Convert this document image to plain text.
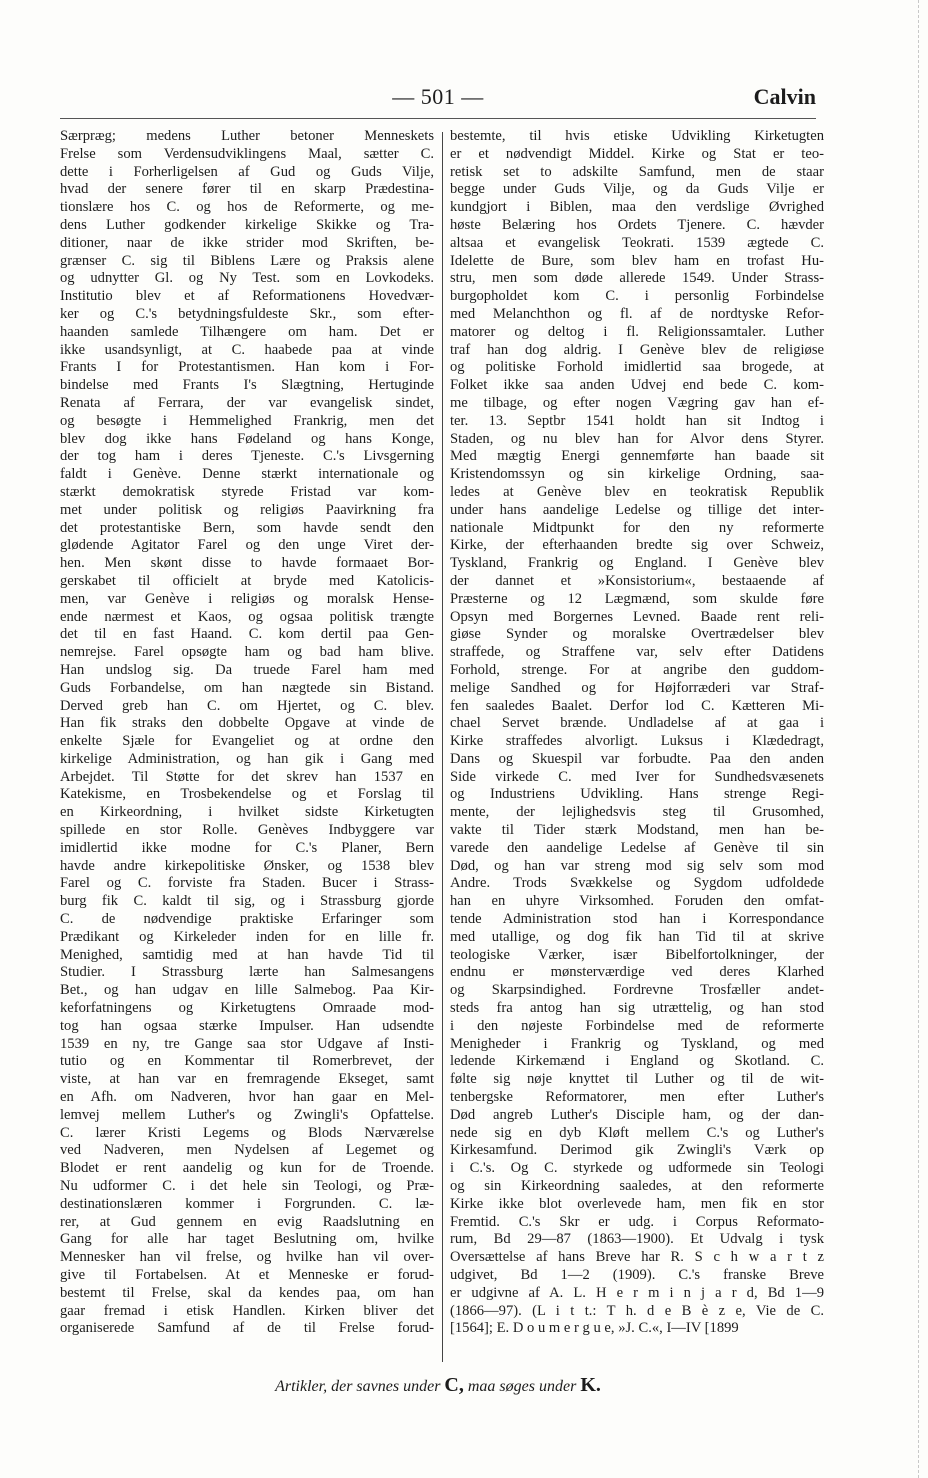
— 501 —	Calvin
Særpræg; medens Luther betoner Menneskets
Frelse som Verdensudviklingens Maal, sætter C.
dette i Forherligelsen af Gud og Guds Vilje,
hvad der senere fører til en skarp Prædestina-
tionslære hos C. og hos de Reformerte, og me-
dens Luther godkender kirkelige Skikke og Tra-
ditioner, naar de ikke strider mod Skriften, be-
grænser C. sig til Biblens Lære og Praksis alene
og udnytter Gl. og Ny Test. som en Lovkodeks.
Institutio blev et af Reformationens Hovedvær-
ker og C.'s betydningsfuldeste Skr., som efter-
haanden samlede Tilhængere om ham. Det er
ikke usandsynligt, at C. haabede paa at vinde
Frants I for Protestantismen. Han kom i For-
bindelse med Frants I's Slægtning, Hertuginde
Renata af Ferrara, der var evangelisk sindet,
og besøgte i Hemmelighed Frankrig, men det
blev dog ikke hans Fødeland og hans Konge,
der tog ham i deres Tjeneste. C.'s Livsgerning
faldt i Genève. Denne stærkt internationale og
stærkt demokratisk styrede Fristad var kom-
met under politisk og religiøs Paavirkning fra
det protestantiske Bern, som havde sendt den
glødende Agitator Farel og den unge Viret der-
hen. Men skønt disse to havde formaaet Bor-
gerskabet til officielt at bryde med Katolicis-
men, var Genève i religiøs og moralsk Hense-
ende nærmest et Kaos, og ogsaa politisk trængte
det til en fast Haand. C. kom dertil paa Gen-
nemrejse. Farel opsøgte ham og bad ham blive.
Han undslog sig. Da truede Farel ham med
Guds Forbandelse, om han nægtede sin Bistand.
Derved greb han C. om Hjertet, og C. blev.
Han fik straks den dobbelte Opgave at vinde de
enkelte Sjæle for Evangeliet og at ordne den
kirkelige Administration, og han gik i Gang med
Arbejdet. Til Støtte for det skrev han 1537 en
Katekisme, en Trosbekendelse og et Forslag til
en Kirkeordning, i hvilket sidste Kirketugten
spillede en stor Rolle. Genèves Indbyggere var
imidlertid ikke modne for C.'s Planer, Bern
havde andre kirkepolitiske Ønsker, og 1538 blev
Farel og C. forviste fra Staden. Bucer i Strass-
burg fik C. kaldt til sig, og i Strassburg gjorde
C. de nødvendige praktiske Erfaringer som
Prædikant og Kirkeleder inden for en lille fr.
Menighed, samtidig med at han havde Tid til
Studier. I Strassburg lærte han Salmesangens
Bet., og han udgav en lille Salmebog. Paa Kir-
keforfatningens og Kirketugtens Omraade mod-
tog han ogsaa stærke Impulser. Han udsendte
1539 en ny, tre Gange saa stor Udgave af Insti-
tutio og en Kommentar til Romerbrevet, der
viste, at han var en fremragende Ekseget, samt
en Afh. om Nadveren, hvor han gaar en Mel-
lemvej mellem Luther's og Zwingli's Opfattelse.
C. lærer Kristi Legems og Blods Nærværelse
ved Nadveren, men Nydelsen af Legemet og
Blodet er rent aandelig og kun for de Troende.
Nu udformer C. i det hele sin Teologi, og Præ-
destinationslæren kommer i Forgrunden. C. læ-
rer, at Gud gennem en evig Raadslutning en
Gang for alle har taget Beslutning om, hvilke
Mennesker han vil frelse, og hvilke han vil over-
give til Fortabelsen. At et Menneske er forud-
bestemt til Frelse, skal da kendes paa, om han
gaar fremad i etisk Handlen. Kirken bliver det
organiserede Samfund af de til Frelse forud-
bestemte, til hvis etiske Udvikling Kirketugten
er et nødvendigt Middel. Kirke og Stat er teo-
retisk set to adskilte Samfund, men de staar
begge under Guds Vilje, og da Guds Vilje er
kundgjort i Biblen, maa den verdslige Øvrighed
høste Belæring hos Ordets Tjenere. C. hævder
altsaa et evangelisk Teokrati. 1539 ægtede C.
Idelette de Bure, som blev ham en trofast Hu-
stru, men som døde allerede 1549. Under Strass-
burgopholdet kom C. i personlig Forbindelse
med Melanchthon og fl. af de nordtyske Refor-
matorer og deltog i fl. Religionssamtaler. Luther
traf han dog aldrig. I Genève blev de religiøse
og politiske Forhold imidlertid saa brogede, at
Folket ikke saa anden Udvej end bede C. kom-
me tilbage, og efter nogen Vægring gav han ef-
ter. 13. Septbr 1541 holdt han sit Indtog i
Staden, og nu blev han for Alvor dens Styrer.
Med mægtig Energi gennemførte han baade sit
Kristendomssyn og sin kirkelige Ordning, saa-
ledes at Genève blev en teokratisk Republik
under hans aandelige Ledelse og tillige det inter-
nationale Midtpunkt for den ny reformerte
Kirke, der efterhaanden bredte sig over Schweiz,
Tyskland, Frankrig og England. I Genève blev
der dannet et »Konsistorium«, bestaaende af
Præsterne og 12 Lægmænd, som skulde føre
Opsyn med Borgernes Levned. Baade rent reli-
giøse Synder og moralske Overtrædelser blev
straffede, og Straffene var, selv efter Datidens
Forhold, strenge. For at angribe den guddom-
melige Sandhed og for Højforræderi var Straf-
fen saaledes Baalet. Derfor lod C. Kætteren Mi-
chael Servet brænde. Undladelse af at gaa i
Kirke straffedes alvorligt. Luksus i Klædedragt,
Dans og Skuespil var forbudte. Paa den anden
Side virkede C. med Iver for Sundhedsvæsenets
og Industriens Udvikling. Hans strenge Regi-
mente, der lejlighedsvis steg til Grusomhed,
vakte til Tider stærk Modstand, men han be-
varede den aandelige Ledelse af Genève til sin
Død, og han var streng mod sig selv som mod
Andre. Trods Svækkelse og Sygdom udfoldede
han en uhyre Virksomhed. Foruden den omfat-
tende Administration stod han i Korrespondance
med utallige, og dog fik han Tid til at skrive
teologiske Værker, især Bibelfortolkninger, der
endnu er mønsterværdige ved deres Klarhed
og Skarpsindighed. Fordrevne Trosfæller andet-
steds fra antog han sig utrættelig, og han stod
i den nøjeste Forbindelse med de reformerte
Menigheder i Frankrig og Tyskland, og med
ledende Kirkemænd i England og Skotland. C.
følte sig nøje knyttet til Luther og til de wit-
tenbergske Reformatorer, men efter Luther's
Død angreb Luther's Disciple ham, og der dan-
nede sig en dyb Kløft mellem C.'s og Luther's
Kirkesamfund. Derimod gik Zwingli's Værk op
i C.'s. Og C. styrkede og udformede sin Teologi
og sin Kirkeordning saaledes, at den reformerte
Kirke ikke blot overlevede ham, men fik en stor
Fremtid. C.'s Skr er udg. i Corpus Reformato-
rum, Bd 29—87 (1863—1900). Et Udvalg i tysk
Oversættelse af hans Breve har R. S c h w a r t z
udgivet, Bd 1—2 (1909). C.'s franske Breve
er udgivne af A. L. H e r m i n j a r d, Bd 1—9
(1866—97). (L i t t.: T h. d e B è z e, Vie de C.
[1564]; E. D o u m e r g u e, »J. C.«, I—IV [1899
Artikler, der savnes under C, maa søges under K.
